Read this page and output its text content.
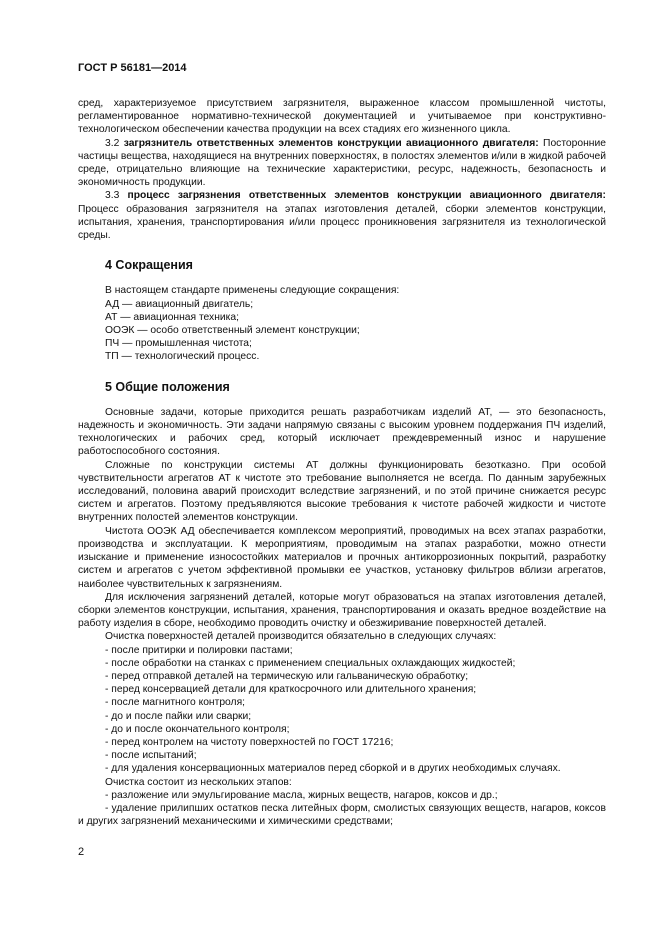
ГОСТ Р 56181—2014

сред, характеризуемое присутствием загрязнителя, выраженное классом промышленной чистоты, регламентированное нормативно-технической документацией и учитываемое при конструктивно-технологическом обеспечении качества продукции на всех стадиях его жизненного цикла.

3.2 загрязнитель ответственных элементов конструкции авиационного двигателя: Посторонние частицы вещества, находящиеся на внутренних поверхностях, в полостях элементов и/или в жидкой рабочей среде, отрицательно влияющие на технические характеристики, ресурс, надежность, безопасность и экономичность продукции.

3.3 процесс загрязнения ответственных элементов конструкции авиационного двигателя: Процесс образования загрязнителя на этапах изготовления деталей, сборки элементов конструкции, испытания, хранения, транспортирования и/или процесс проникновения загрязнителя из технологической среды.

4 Сокращения

В настоящем стандарте применены следующие сокращения:

АД — авиационный двигатель;

АТ — авиационная техника;

ООЭК — особо ответственный элемент конструкции;

ПЧ — промышленная чистота;

ТП — технологический процесс.

5 Общие положения

Основные задачи, которые приходится решать разработчикам изделий АТ, — это безопасность, надежность и экономичность. Эти задачи напрямую связаны с высоким уровнем поддержания ПЧ изделий, технологических и рабочих сред, который исключает преждевременный износ и нарушение работоспособного состояния.

Сложные по конструкции системы АТ должны функционировать безотказно. При особой чувствительности агрегатов АТ к чистоте это требование выполняется не всегда. По данным зарубежных исследований, половина аварий происходит вследствие загрязнений, и по этой причине снижается ресурс систем и агрегатов. Поэтому предъявляются высокие требования к чистоте рабочей жидкости и чистоте внутренних полостей элементов конструкции.

Чистота ООЭК АД обеспечивается комплексом мероприятий, проводимых на всех этапах разработки, производства и эксплуатации. К мероприятиям, проводимым на этапах разработки, можно отнести изыскание и применение износостойких материалов и прочных антикоррозионных покрытий, разработку систем и агрегатов с учетом эффективной промывки ее участков, установку фильтров вблизи агрегатов, наиболее чувствительных к загрязнениям.

Для исключения загрязнений деталей, которые могут образоваться на этапах изготовления деталей, сборки элементов конструкции, испытания, хранения, транспортирования и оказать вредное воздействие на работу изделия в сборе, необходимо проводить очистку и обезжиривание поверхностей деталей.

Очистка поверхностей деталей производится обязательно в следующих случаях:

- после притирки и полировки пастами;

- после обработки на станках с применением специальных охлаждающих жидкостей;

- перед отправкой деталей на термическую или гальваническую обработку;

- перед консервацией детали для краткосрочного или длительного хранения;

- после магнитного контроля;

- до и после пайки или сварки;

- до и после окончательного контроля;

- перед контролем на чистоту поверхностей по ГОСТ 17216;

- после испытаний;

- для удаления консервационных материалов перед сборкой и в других необходимых случаях.

Очистка состоит из нескольких этапов:

- разложение или эмульгирование масла, жирных веществ, нагаров, коксов и др.;

- удаление прилипших остатков песка литейных форм, смолистых связующих веществ, нагаров, коксов и других загрязнений механическими и химическими средствами;

2
